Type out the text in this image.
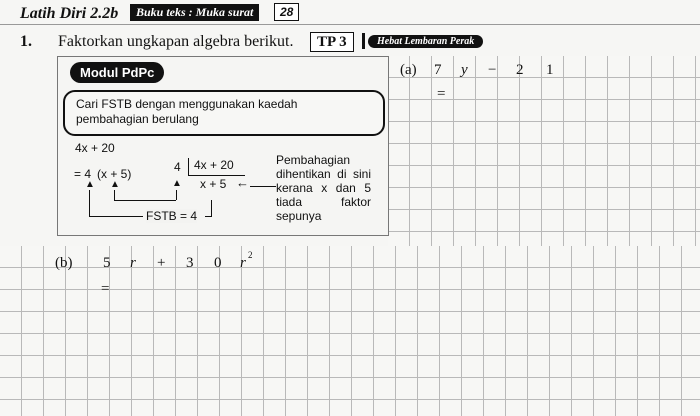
Latih Diri 2.2b	Buku teks : Muka surat	28
1. Faktorkan ungkapan algebra berikut.	TP 3	Hebat Lembaran Perak
Modul PdPc
Cari FSTB dengan menggunakan kaedah pembahagian berulang
4x + 20
= 4 (x + 5)
▲ ▲
4 4x + 20
x + 5
▲	←
FSTB = 4
Pembahagian dihentikan di sini kerana x dan 5 tiada faktor sepunya
(a) 7 y − 2 1
=
(b) 5 r + 3 0 r 2
=
